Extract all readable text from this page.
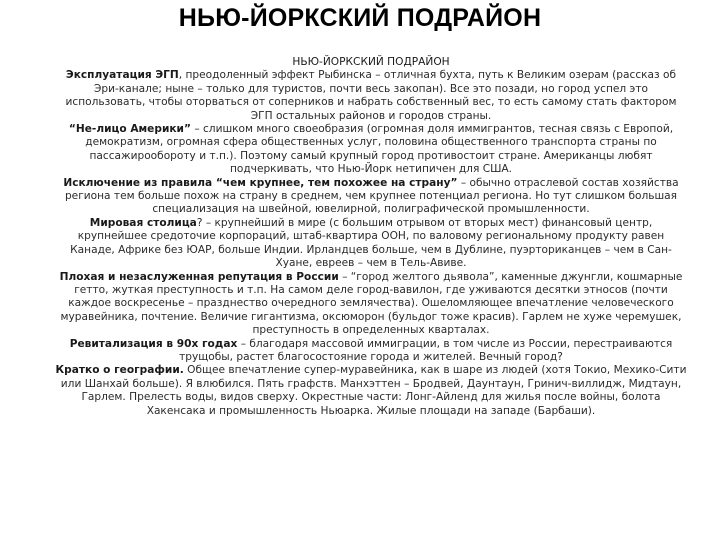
НЬЮ-ЙОРКСКИЙ ПОДРАЙОН

НЬЮ-ЙОРКСКИЙ ПОДРАЙОН

Эксплуатация ЭГП, преодоленный эффект Рыбинска – отличная бухта, путь к Великим озерам (рассказ об Эри-канале; ныне – только для туристов, почти весь закопан). Все это позади, но город успел это использовать, чтобы оторваться от соперников и набрать собственный вес, то есть самому стать фактором ЭГП остальных районов и городов страны.

“Не-лицо Америки” – слишком много своеобразия (огромная доля иммигрантов, тесная связь с Европой, демократизм, огромная сфера общественных услуг, половина общественного транспорта страны по пассажирообороту и т.п.). Поэтому самый крупный город противостоит стране. Американцы любят подчеркивать, что Нью-Йорк нетипичен для США.

Исключение из правила “чем крупнее, тем похожее на страну” – обычно отраслевой состав хозяйства региона тем больше похож на страну в среднем, чем крупнее потенциал региона. Но тут слишком большая специализация на швейной, ювелирной, полиграфической промышленности.

Мировая столица? – крупнейший в мире (с большим отрывом от вторых мест) финансовый центр, крупнейшее средоточие корпораций, штаб-квартира ООН, по валовому региональному продукту равен Канаде, Африке без ЮАР, больше Индии. Ирландцев больше, чем в Дублине, пуэрториканцев – чем в Сан-Хуане, евреев – чем в Тель-Авиве.

Плохая и незаслуженная репутация в России – “город желтого дьявола”, каменные джунгли, кошмарные гетто, жуткая преступность и т.п. На самом деле город-вавилон, где уживаются десятки этносов (почти каждое воскресенье – празднество очередного землячества). Ошеломляющее впечатление человеческого муравейника, почтение. Величие гигантизма, оксюморон (бульдог тоже красив). Гарлем не хуже черемушек, преступность в определенных кварталах.

Ревитализация в 90х годах – благодаря массовой иммиграции, в том числе из России, перестраиваются трущобы, растет благосостояние города и жителей. Вечный город?

Кратко о географии. Общее впечатление супер-муравейника, как в шаре из людей (хотя Токио, Мехико-Сити или Шанхай больше). Я влюбился. Пять графств. Манхэттен – Бродвей, Даунтаун, Гринич-виллидж, Мидтаун, Гарлем. Прелесть воды, видов сверху. Окрестные части: Лонг-Айленд для жилья после войны, болота Хакенсака и промышленность Ньюарка. Жилые площади на западе (Барбаши).
